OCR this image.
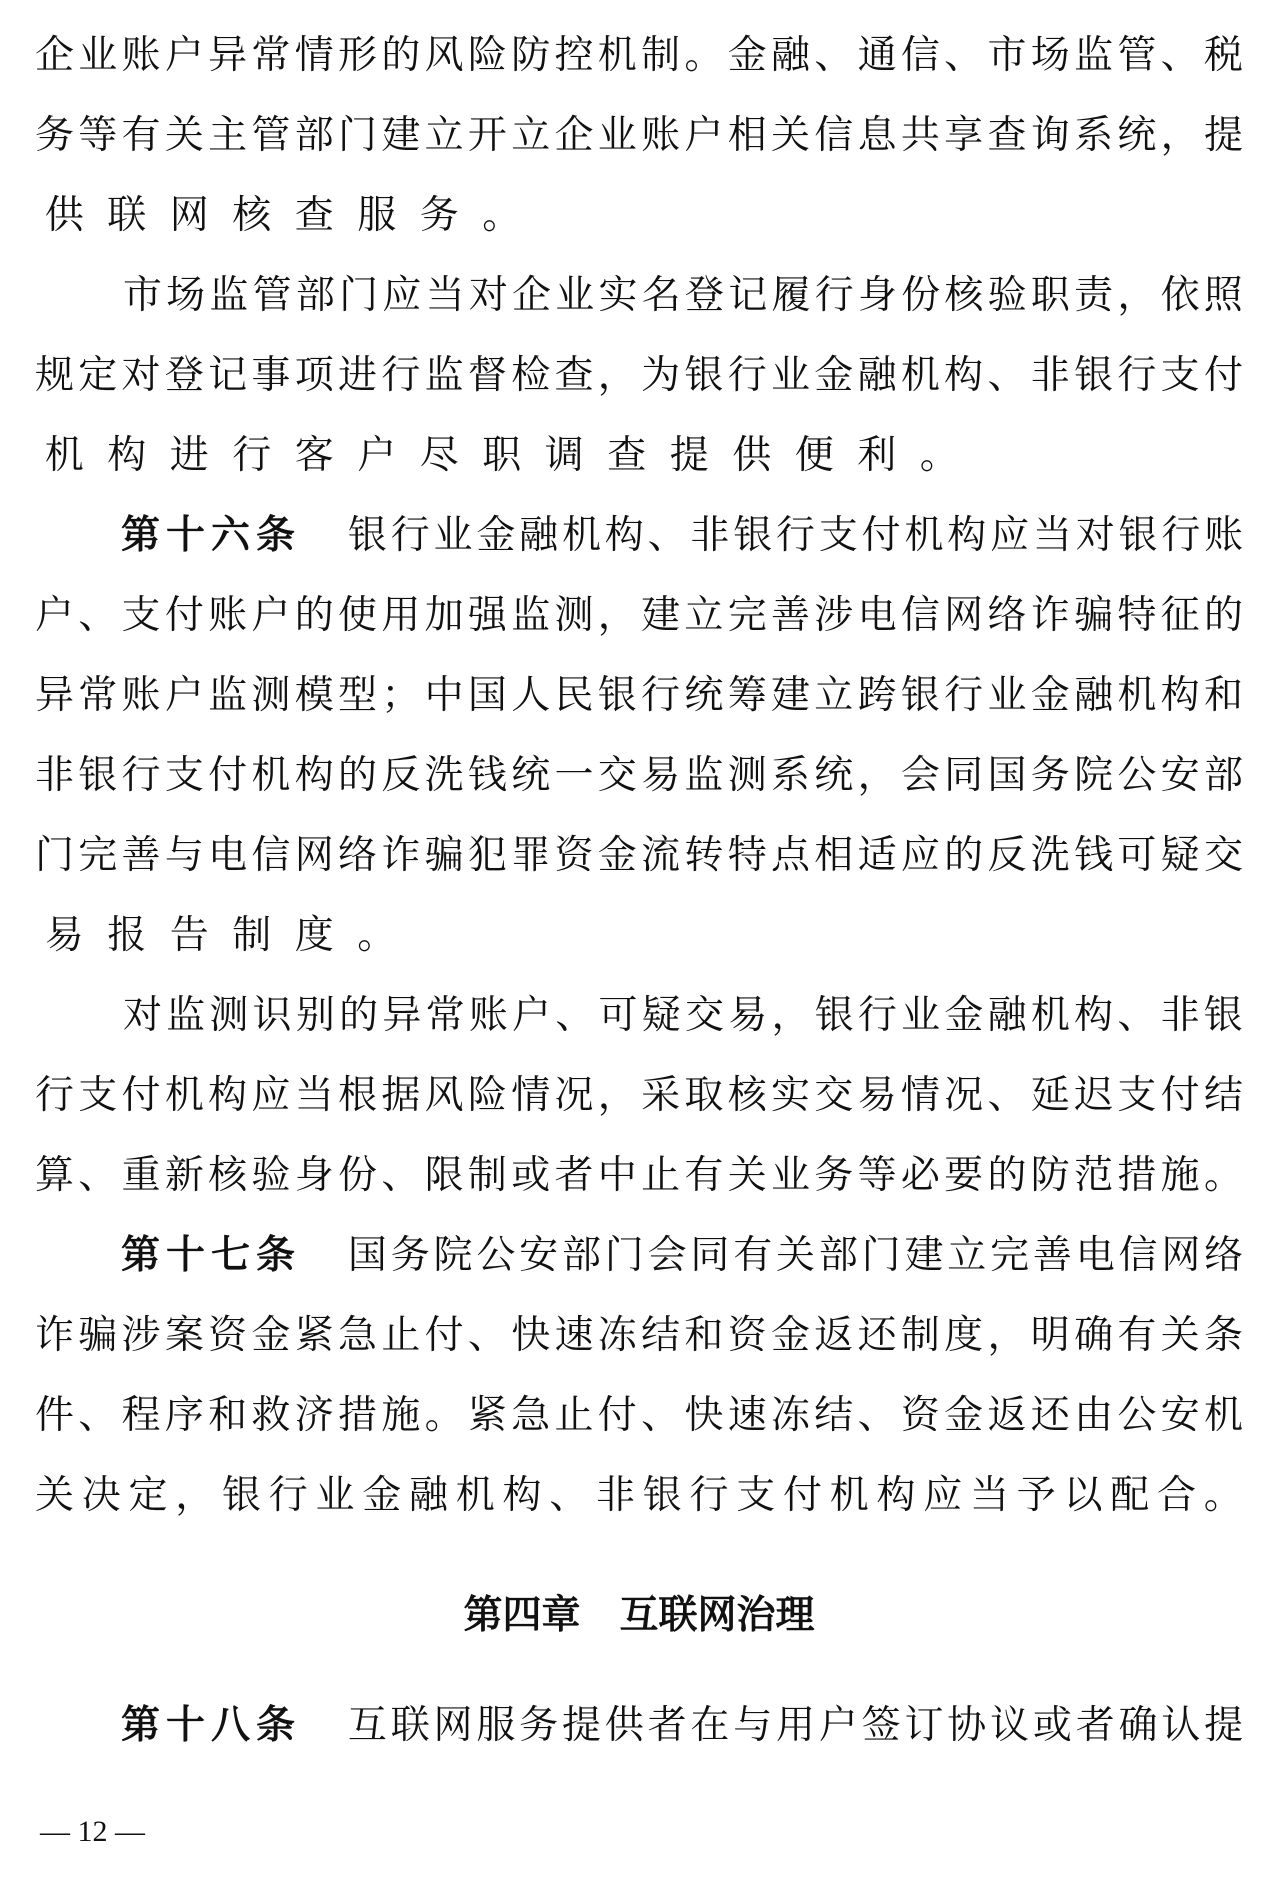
企 业 账 户 异 常 情 形 的 风 险 防 控 机 制 。 金 融 、 通 信 、 市 场 监 管 、 税
务 等 有 关 主 管 部 门 建 立 开 立 企 业 账 户 相 关 信 息 共 享 查 询 系 统 ， 提
供 联 网 核 查 服 务 。
市 场 监 管 部 门 应 当 对 企 业 实 名 登 记 履 行 身 份 核 验 职 责 ， 依 照
规 定 对 登 记 事 项 进 行 监 督 检 查 ， 为 银 行 业 金 融 机 构 、 非 银 行 支 付
机 构 进 行 客 户 尽 职 调 查 提 供 便 利 。
第十六条 银 行 业 金 融 机 构 、 非 银 行 支 付 机 构 应 当 对 银 行 账
户 、 支 付 账 户 的 使 用 加 强 监 测 ， 建 立 完 善 涉 电 信 网 络 诈 骗 特 征 的
异 常 账 户 监 测 模 型 ； 中 国 人 民 银 行 统 筹 建 立 跨 银 行 业 金 融 机 构 和
非 银 行 支 付 机 构 的 反 洗 钱 统 一 交 易 监 测 系 统 ， 会 同 国 务 院 公 安 部
门 完 善 与 电 信 网 络 诈 骗 犯 罪 资 金 流 转 特 点 相 适 应 的 反 洗 钱 可 疑 交
易 报 告 制 度 。
对 监 测 识 别 的 异 常 账 户 、 可 疑 交 易 ， 银 行 业 金 融 机 构 、 非 银
行 支 付 机 构 应 当 根 据 风 险 情 况 ， 采 取 核 实 交 易 情 况 、 延 迟 支 付 结
算 、 重 新 核 验 身 份 、 限 制 或 者 中 止 有 关 业 务 等 必 要 的 防 范 措 施 。
第十七条 国 务 院 公 安 部 门 会 同 有 关 部 门 建 立 完 善 电 信 网 络
诈 骗 涉 案 资 金 紧 急 止 付 、 快 速 冻 结 和 资 金 返 还 制 度 ， 明 确 有 关 条
件 、 程 序 和 救 济 措 施 。 紧 急 止 付 、 快 速 冻 结 、 资 金 返 还 由 公 安 机
关 决 定 ， 银 行 业 金 融 机 构 、 非 银 行 支 付 机 构 应 当 予 以 配 合 。
第四章　互联网治理
第十八条 互 联 网 服 务 提 供 者 在 与 用 户 签 订 协 议 或 者 确 认 提
— 12 —
